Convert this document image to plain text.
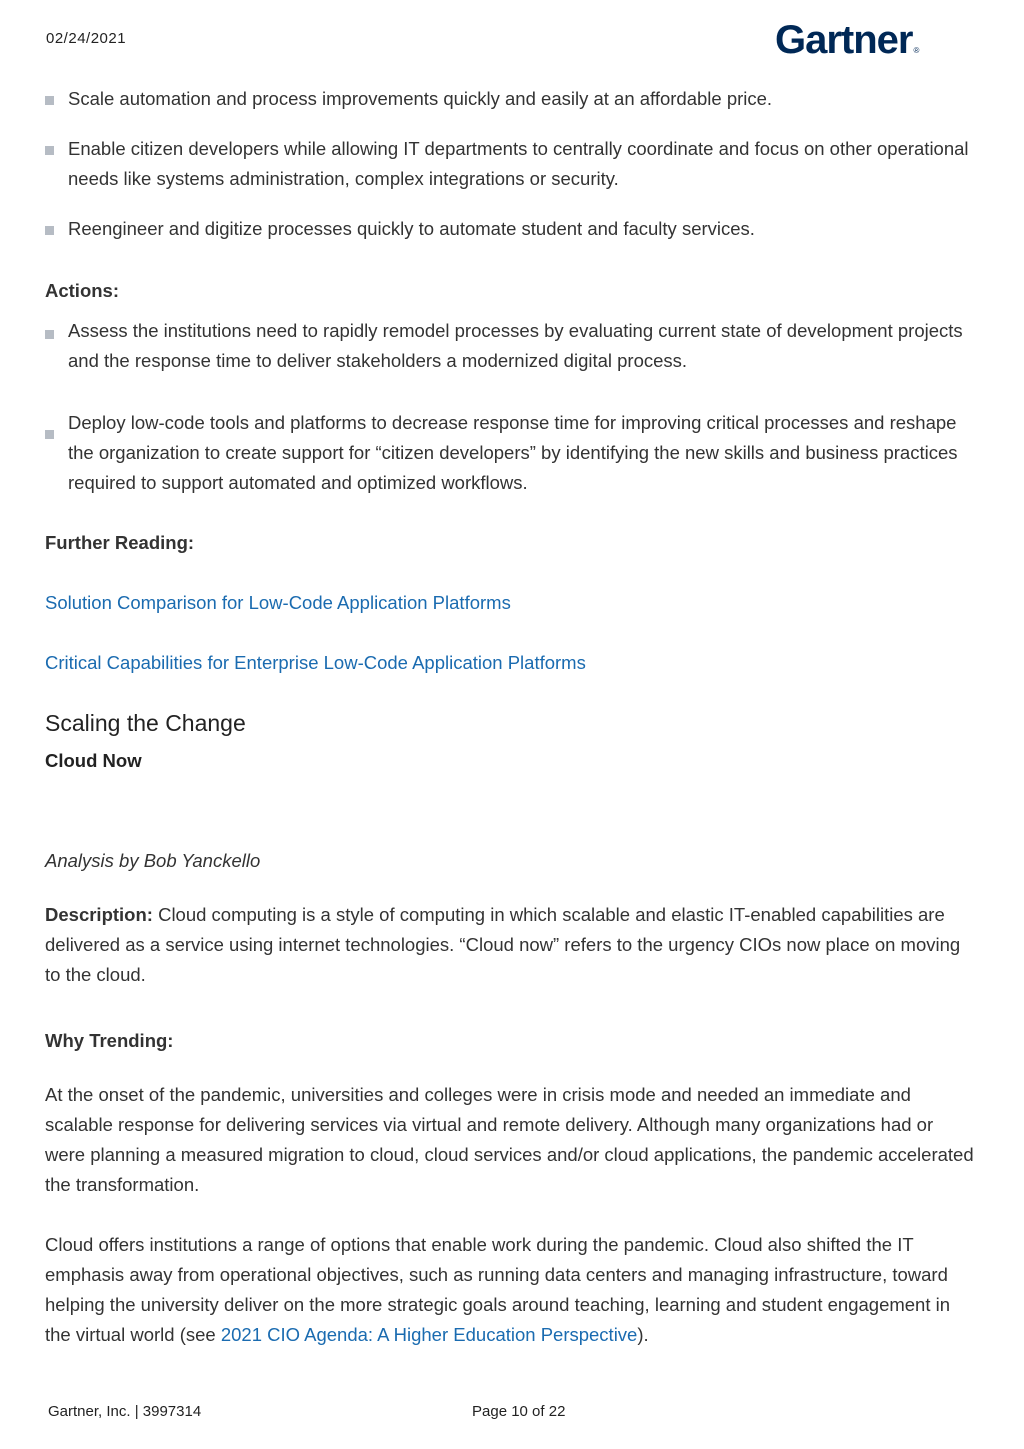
02/24/2021	Gartner®
Scale automation and process improvements quickly and easily at an affordable price.
Enable citizen developers while allowing IT departments to centrally coordinate and focus on other operational needs like systems administration, complex integrations or security.
Reengineer and digitize processes quickly to automate student and faculty services.

Actions:

Assess the institutions need to rapidly remodel processes by evaluating current state of development projects and the response time to deliver stakeholders a modernized digital process.
Deploy low-code tools and platforms to decrease response time for improving critical processes and reshape the organization to create support for “citizen developers” by identifying the new skills and business practices required to support automated and optimized workflows.

Further Reading:

Solution Comparison for Low-Code Application Platforms

Critical Capabilities for Enterprise Low-Code Application Platforms

Scaling the Change

Cloud Now

Analysis by Bob Yanckello

Description: Cloud computing is a style of computing in which scalable and elastic IT-enabled capabilities are delivered as a service using internet technologies. “Cloud now” refers to the urgency CIOs now place on moving to the cloud.

Why Trending:

At the onset of the pandemic, universities and colleges were in crisis mode and needed an immediate and scalable response for delivering services via virtual and remote delivery. Although many organizations had or were planning a measured migration to cloud, cloud services and/or cloud applications, the pandemic accelerated the transformation.

Cloud offers institutions a range of options that enable work during the pandemic. Cloud also shifted the IT emphasis away from operational objectives, such as running data centers and managing infrastructure, toward helping the university deliver on the more strategic goals around teaching, learning and student engagement in the virtual world (see 2021 CIO Agenda: A Higher Education Perspective).

Gartner, Inc. | 3997314	Page 10 of 22
